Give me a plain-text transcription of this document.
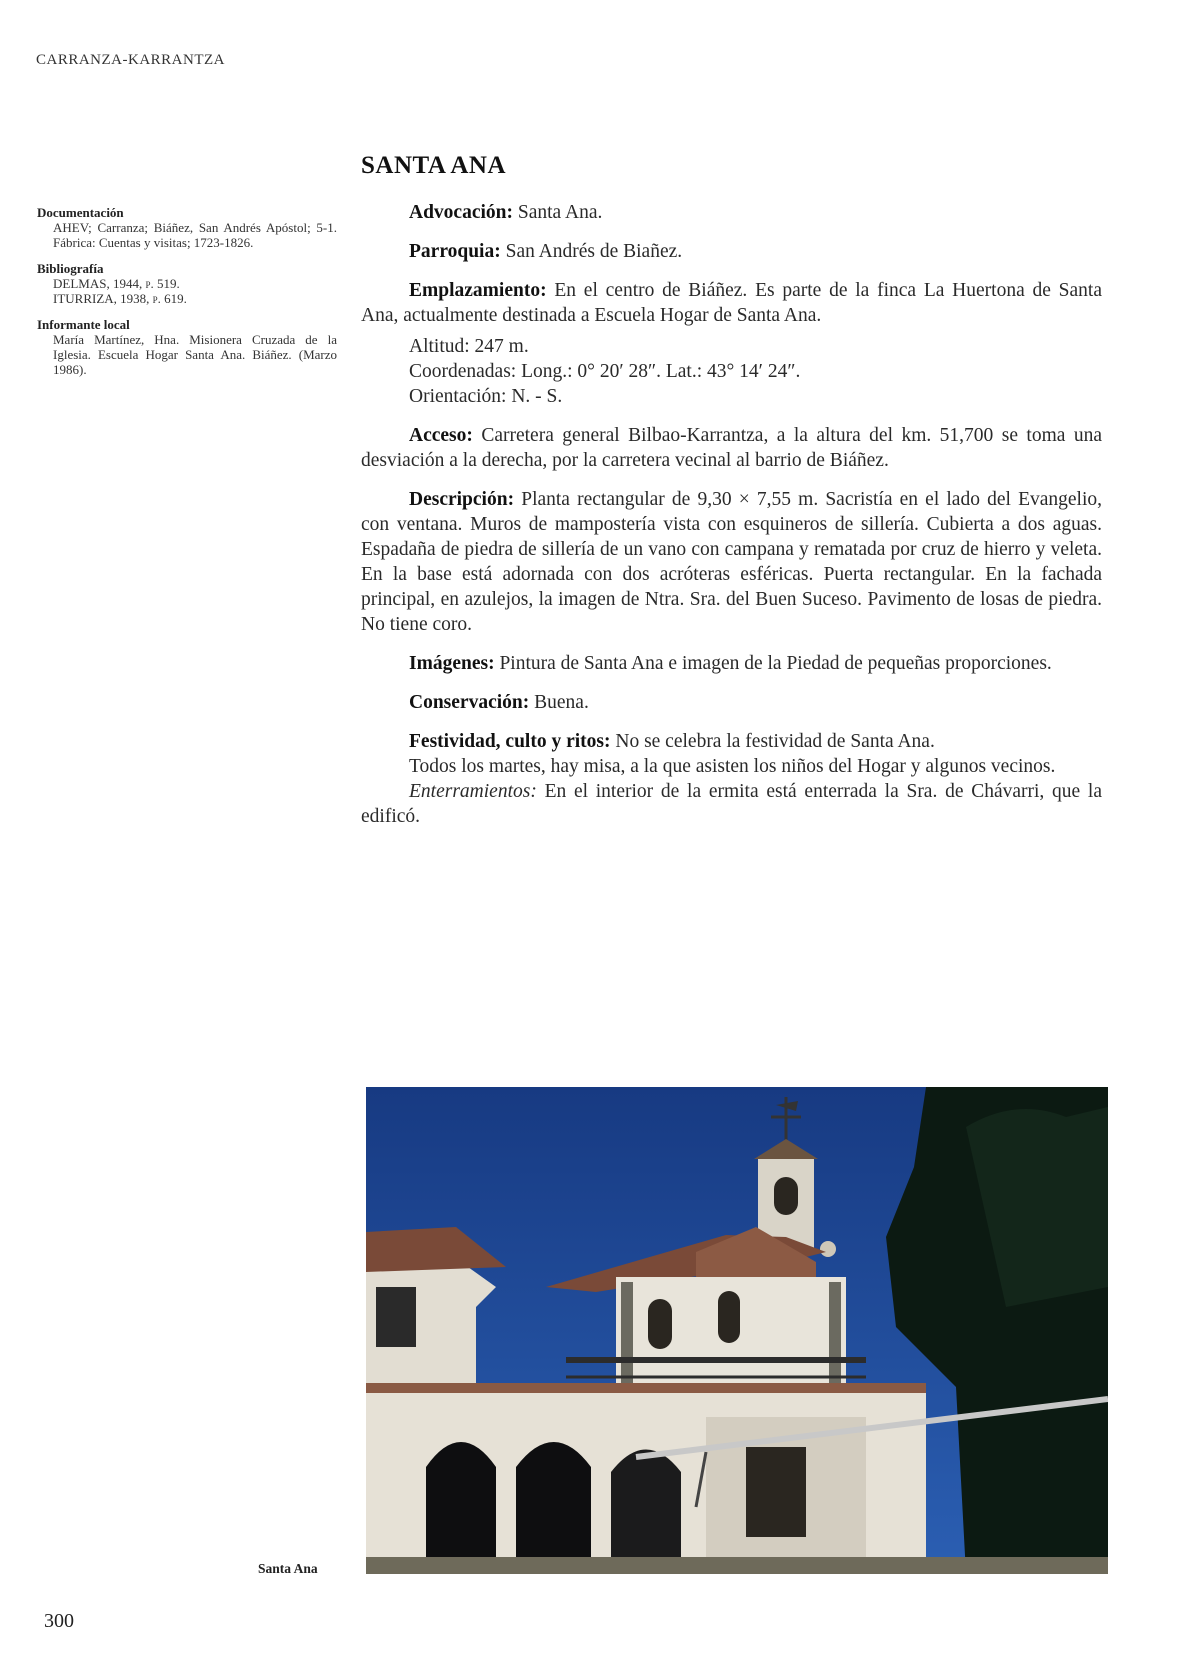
CARRANZA-KARRANTZA
SANTA ANA
Documentación
AHEV; Carranza; Biáñez, San Andrés Apóstol; 5-1. Fábrica: Cuentas y visitas; 1723-1826.
Bibliografía
DELMAS, 1944, p. 519.
ITURRIZA, 1938, p. 619.
Informante local
María Martínez, Hna. Misionera Cruzada de la Iglesia. Escuela Hogar Santa Ana. Biáñez. (Marzo 1986).

Advocación: Santa Ana.

Parroquia: San Andrés de Biañez.

Emplazamiento: En el centro de Biáñez. Es parte de la finca La Huertona de Santa Ana, actualmente destinada a Escuela Hogar de Santa Ana.

Altitud: 247 m.
Coordenadas: Long.: 0° 20′ 28″. Lat.: 43° 14′ 24″.
Orientación: N. - S.

Acceso: Carretera general Bilbao-Karrantza, a la altura del km. 51,700 se toma una desviación a la derecha, por la carretera vecinal al barrio de Biáñez.

Descripción: Planta rectangular de 9,30 × 7,55 m. Sacristía en el lado del Evangelio, con ventana. Muros de mampostería vista con esquineros de sillería. Cubierta a dos aguas. Espadaña de piedra de sillería de un vano con campana y rematada por cruz de hierro y veleta. En la base está adornada con dos acróteras esféricas. Puerta rectangular. En la fachada principal, en azulejos, la imagen de Ntra. Sra. del Buen Suceso. Pavimento de losas de piedra. No tiene coro.

Imágenes: Pintura de Santa Ana e imagen de la Piedad de pequeñas proporciones.

Conservación: Buena.

Festividad, culto y ritos: No se celebra la festividad de Santa Ana.

Todos los martes, hay misa, a la que asisten los niños del Hogar y algunos vecinos.

Enterramientos: En el interior de la ermita está enterrada la Sra. de Chávarri, que la edificó.

Santa Ana
300
